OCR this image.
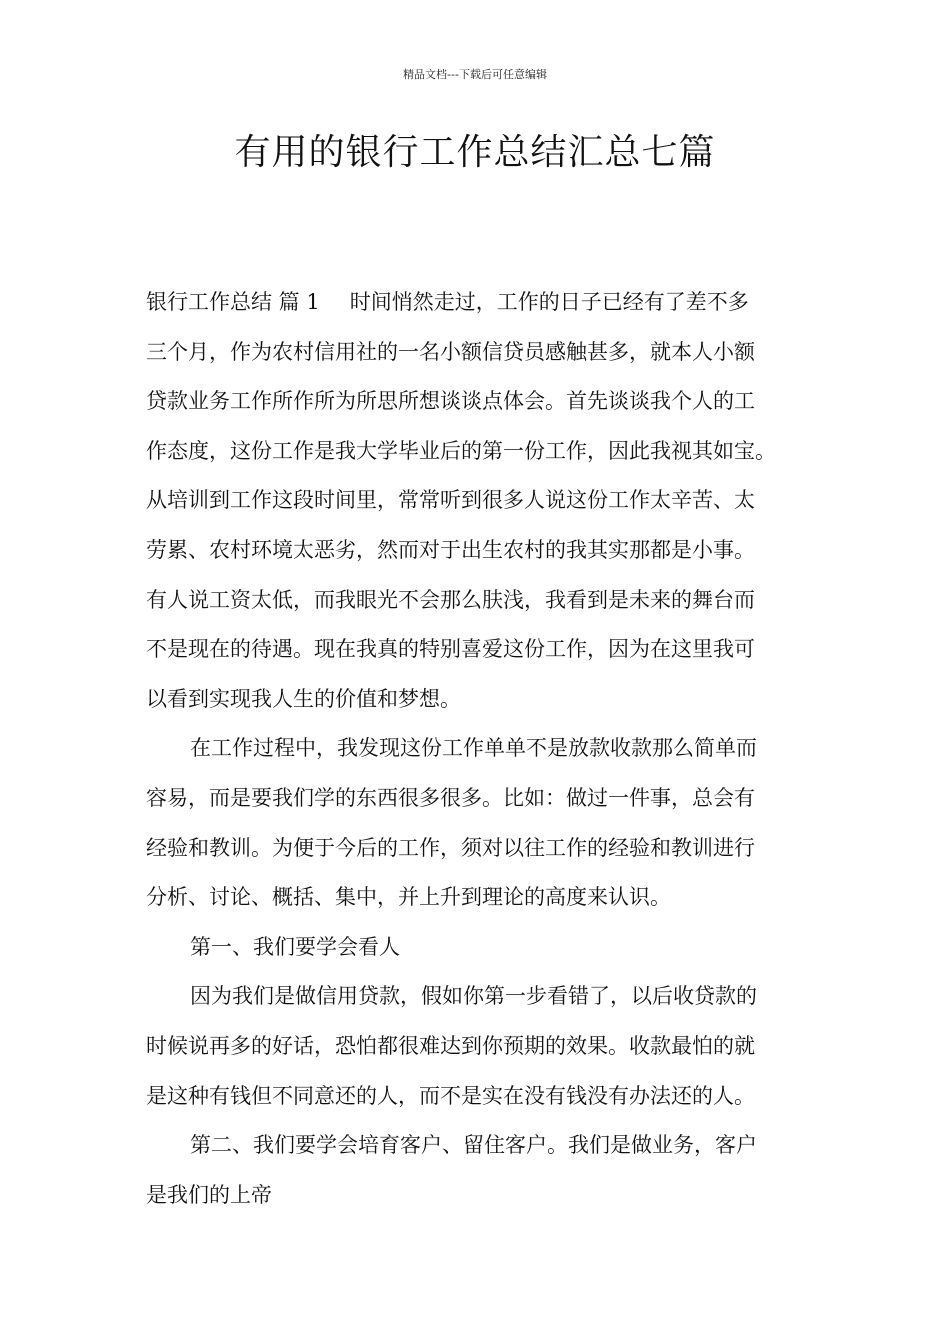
精品文档---下载后可任意编辑
有用的银行工作总结汇总七篇
银行工作总结 篇 1 时间悄然走过，工作的日子已经有了差不多
三个月，作为农村信用社的一名小额信贷员感触甚多，就本人小额
贷款业务工作所作所为所思所想谈谈点体会。首先谈谈我个人的工
作态度，这份工作是我大学毕业后的第一份工作，因此我视其如宝。
从培训到工作这段时间里，常常听到很多人说这份工作太辛苦、太
劳累、农村环境太恶劣，然而对于出生农村的我其实那都是小事。
有人说工资太低，而我眼光不会那么肤浅，我看到是未来的舞台而
不是现在的待遇。现在我真的特别喜爱这份工作，因为在这里我可
以看到实现我人生的价值和梦想。
在工作过程中，我发现这份工作单单不是放款收款那么简单而
容易，而是要我们学的东西很多很多。比如：做过一件事，总会有
经验和教训。为便于今后的工作，须对以往工作的经验和教训进行
分析、讨论、概括、集中，并上升到理论的高度来认识。
第一、我们要学会看人
因为我们是做信用贷款，假如你第一步看错了，以后收贷款的
时候说再多的好话，恐怕都很难达到你预期的效果。收款最怕的就
是这种有钱但不同意还的人，而不是实在没有钱没有办法还的人。
第二、我们要学会培育客户、留住客户。我们是做业务，客户
是我们的上帝
